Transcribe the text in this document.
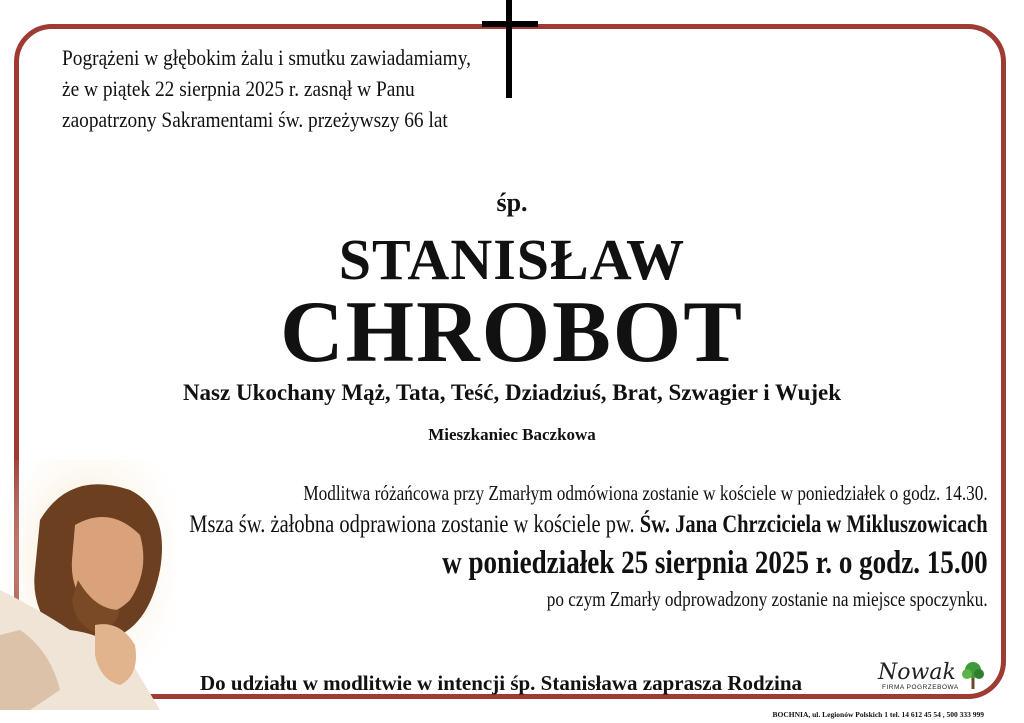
Pogrążeni w głębokim żalu i smutku zawiadamiamy,
że w piątek 22 sierpnia 2025 r. zasnął w Panu
zaopatrzony Sakramentami św. przeżywszy 66 lat
śp.
STANISŁAW
CHROBOT
Nasz Ukochany Mąż, Tata, Teść, Dziadziuś, Brat, Szwagier i Wujek
Mieszkaniec Baczkowa
Modlitwa różańcowa przy Zmarłym odmówiona zostanie w kościele w poniedziałek o godz. 14.30.
Msza św. żałobna odprawiona zostanie w kościele pw. Św. Jana Chrzciciela w Mikluszowicach
w poniedziałek 25 sierpnia 2025 r. o godz. 15.00
po czym Zmarły odprowadzony zostanie na miejsce spoczynku.
Do udziału w modlitwie w intencji śp. Stanisława zaprasza Rodzina	Nowak
FIRMA POGRZEBOWA
BOCHNIA, ul. Legionów Polskich 1 tel. 14 612 45 54 , 500 333 999
